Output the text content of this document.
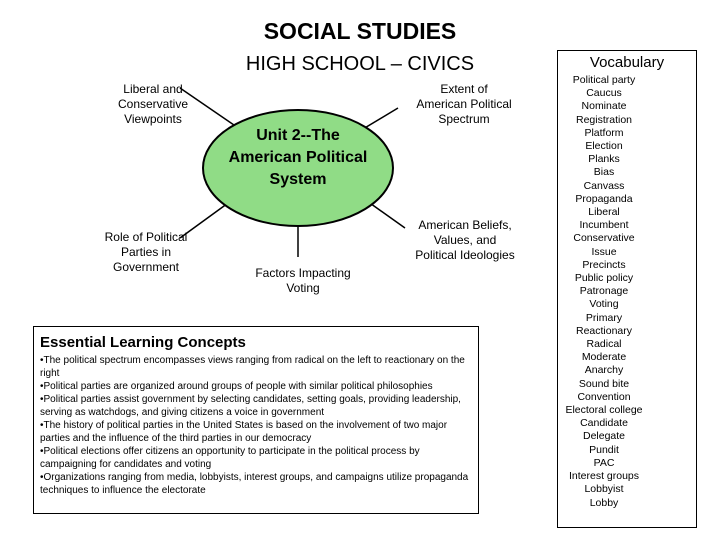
SOCIAL STUDIES
HIGH SCHOOL – CIVICS
Unit 2--The American Political System
Liberal and
Conservative
Viewpoints
Extent of
American Political
Spectrum
Role of Political
Parties in
Government
American Beliefs,
Values, and
Political Ideologies
Factors Impacting
Voting
Essential Learning Concepts
•The political spectrum encompasses views ranging from radical on the left to reactionary on the right
•Political parties are organized around groups of people with similar political philosophies
•Political parties assist government by selecting candidates, setting goals, providing leadership, serving as watchdogs, and giving citizens a voice in government
•The history of political parties in the United States is based on the involvement of two major parties and the influence of the third parties in our democracy
•Political elections offer citizens an opportunity to participate in the political process by campaigning for candidates and voting
•Organizations ranging from media, lobbyists, interest groups, and campaigns utilize propaganda techniques to influence the electorate
Vocabulary
Political party
Caucus
Nominate
Registration
Platform
Election
Planks
Bias
Canvass
Propaganda
Liberal
Incumbent
Conservative
Issue
Precincts
Public policy
Patronage
Voting
Primary
Reactionary
Radical
Moderate
Anarchy
Sound bite
Convention
Electoral college
Candidate
Delegate
Pundit
PAC
Interest groups
Lobbyist
Lobby
